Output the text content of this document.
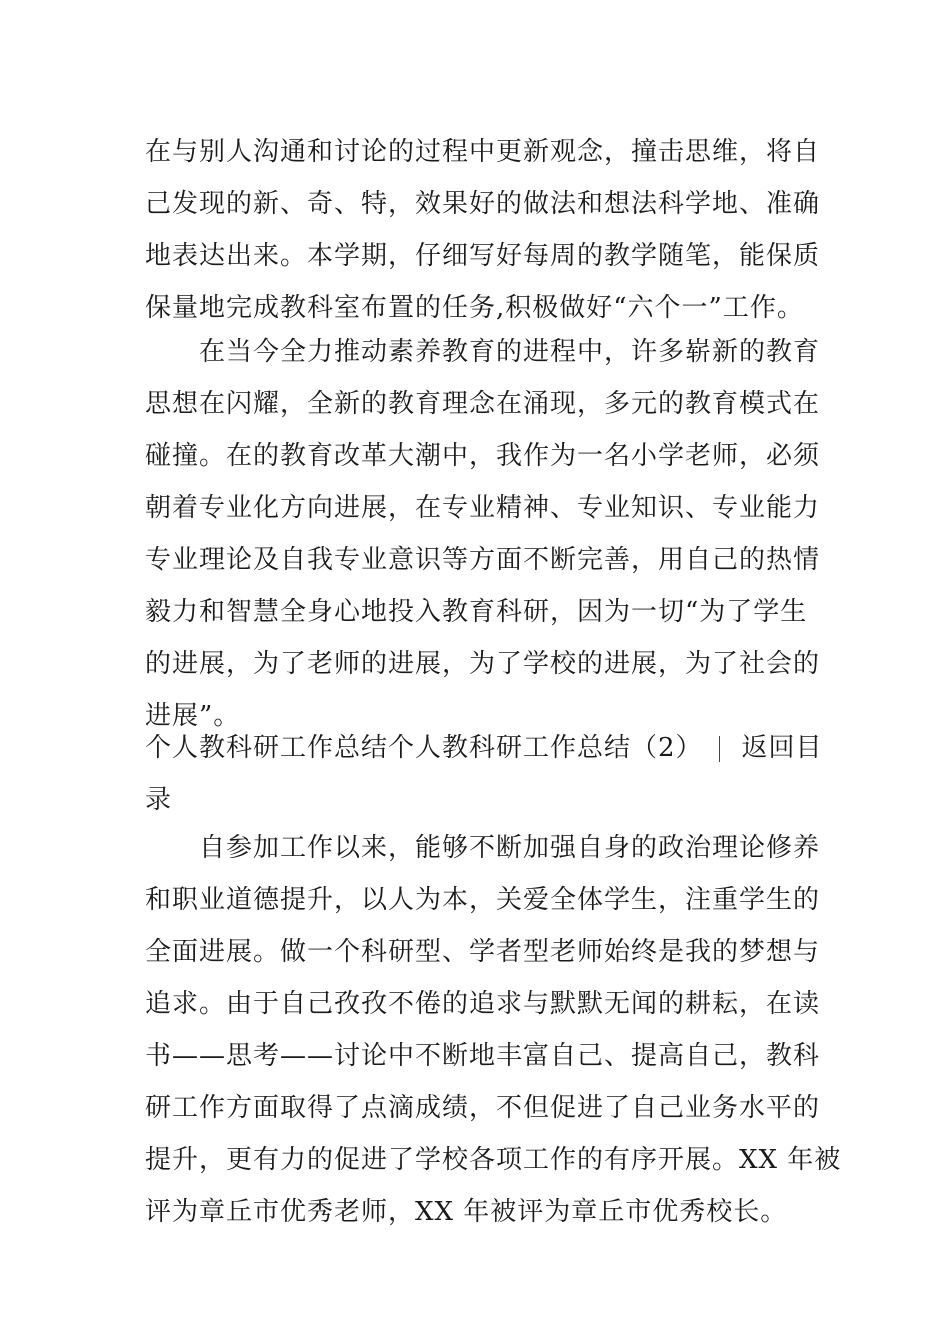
在与别人沟通和讨论的过程中更新观念，撞击思维，将自
己发现的新、奇、特，效果好的做法和想法科学地、准确
地表达出来。本学期，仔细写好每周的教学随笔，能保质
保量地完成教科室布置的任务,积极做好“六个一”工作。
在当今全力推动素养教育的进程中，许多崭新的教育
思想在闪耀，全新的教育理念在涌现，多元的教育模式在
碰撞。在的教育改革大潮中，我作为一名小学老师，必须
朝着专业化方向进展，在专业精神、专业知识、专业能力
专业理论及自我专业意识等方面不断完善，用自己的热情
毅力和智慧全身心地投入教育科研，因为一切“为了学生
的进展，为了老师的进展，为了学校的进展，为了社会的
进展”。
个人教科研工作总结个人教科研工作总结（2） 返回目
录
自参加工作以来，能够不断加强自身的政治理论修养
和职业道德提升，以人为本，关爱全体学生，注重学生的
全面进展。做一个科研型、学者型老师始终是我的梦想与
追求。由于自己孜孜不倦的追求与默默无闻的耕耘，在读
书——思考——讨论中不断地丰富自己、提高自己，教科
研工作方面取得了点滴成绩，不但促进了自己业务水平的
提升，更有力的促进了学校各项工作的有序开展。XX 年被
评为章丘市优秀老师，XX 年被评为章丘市优秀校长。
